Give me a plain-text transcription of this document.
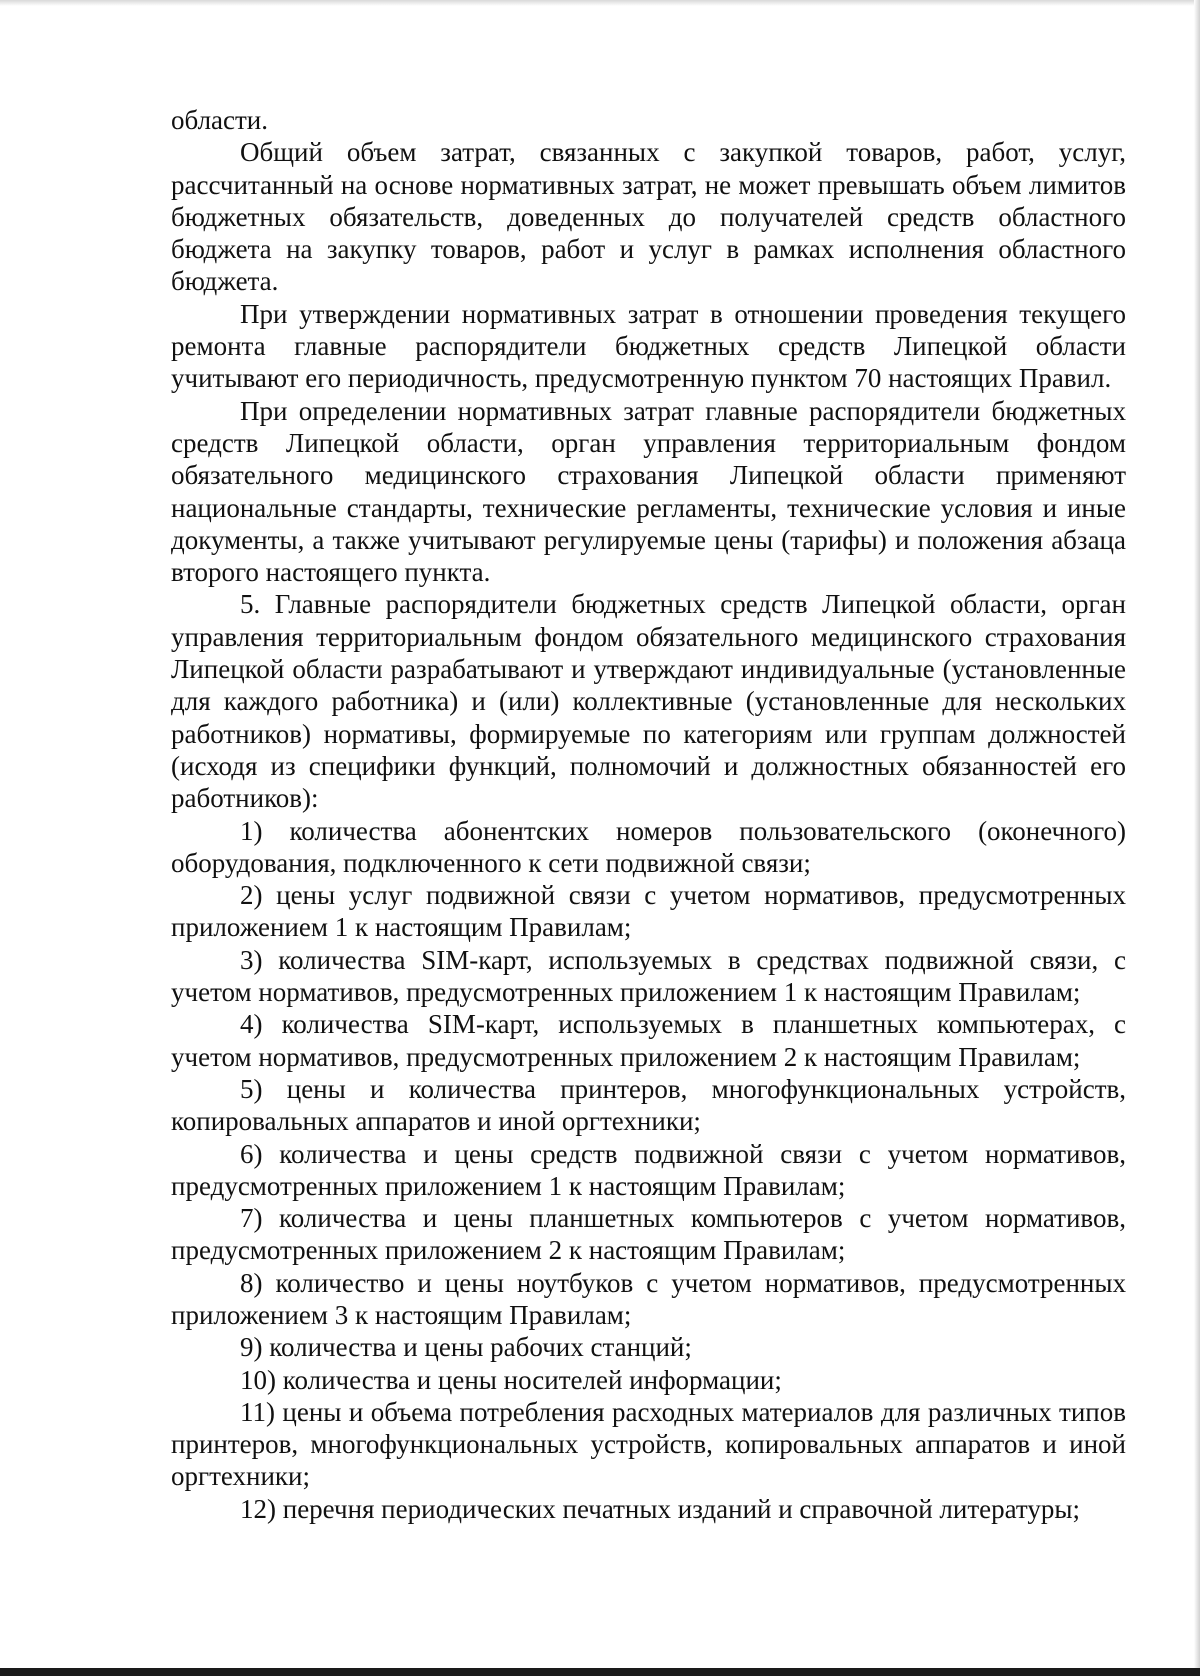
области.

Общий объем затрат, связанных с закупкой товаров, работ, услуг, рассчитанный на основе нормативных затрат, не может превышать объем лимитов бюджетных обязательств, доведенных до получателей средств областного бюджета на закупку товаров, работ и услуг в рамках исполнения областного бюджета.

При утверждении нормативных затрат в отношении проведения текущего ремонта главные распорядители бюджетных средств Липецкой области учитывают его периодичность, предусмотренную пунктом 70 настоящих Правил.

При определении нормативных затрат главные распорядители бюджетных средств Липецкой области, орган управления территориальным фондом обязательного медицинского страхования Липецкой области применяют национальные стандарты, технические регламенты, технические условия и иные документы, а также учитывают регулируемые цены (тарифы) и положения абзаца второго настоящего пункта.

5. Главные распорядители бюджетных средств Липецкой области, орган управления территориальным фондом обязательного медицинского страхования Липецкой области разрабатывают и утверждают индивидуальные (установленные для каждого работника) и (или) коллективные (установленные для нескольких работников) нормативы, формируемые по категориям или группам должностей (исходя из специфики функций, полномочий и должностных обязанностей его работников):

1) количества абонентских номеров пользовательского (оконечного) оборудования, подключенного к сети подвижной связи;

2) цены услуг подвижной связи с учетом нормативов, предусмотренных приложением 1 к настоящим Правилам;

3) количества SIM-карт, используемых в средствах подвижной связи, с учетом нормативов, предусмотренных приложением 1 к настоящим Правилам;

4) количества SIM-карт, используемых в планшетных компьютерах, с учетом нормативов, предусмотренных приложением 2 к настоящим Правилам;

5) цены и количества принтеров, многофункциональных устройств, копировальных аппаратов и иной оргтехники;

6) количества и цены средств подвижной связи с учетом нормативов, предусмотренных приложением 1 к настоящим Правилам;

7) количества и цены планшетных компьютеров с учетом нормативов, предусмотренных приложением 2 к настоящим Правилам;

8) количество и цены ноутбуков с учетом нормативов, предусмотренных приложением 3 к настоящим Правилам;

9) количества и цены рабочих станций;

10) количества и цены носителей информации;

11) цены и объема потребления расходных материалов для различных типов принтеров, многофункциональных устройств, копировальных аппаратов и иной оргтехники;

12) перечня периодических печатных изданий и справочной литературы;
